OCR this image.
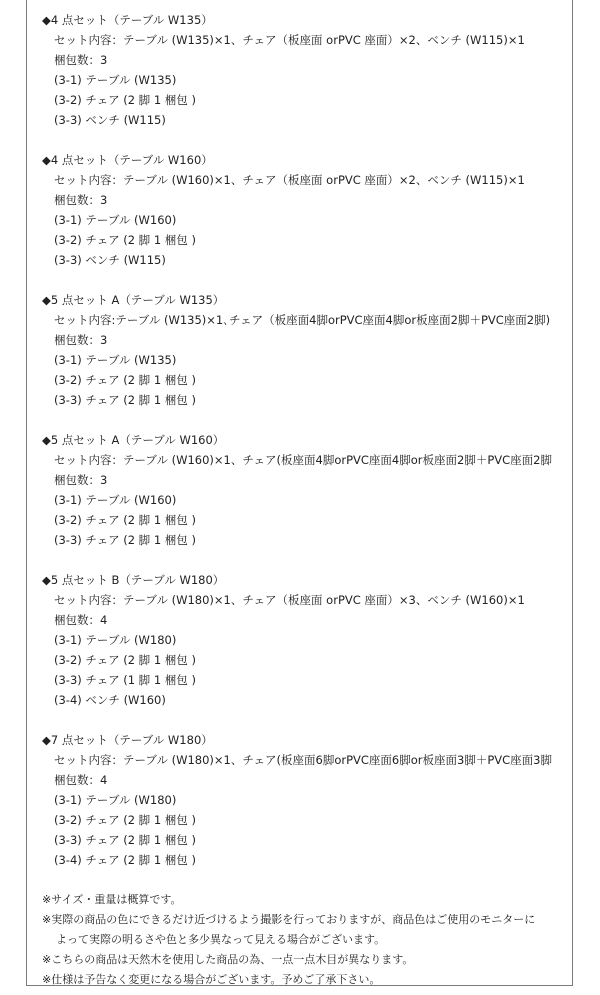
◆4 点セット（テーブル W135）
セット内容：テーブル (W135)×1、チェア（板座面 orPVC 座面）×2、ベンチ (W115)×1
梱包数：3
(3-1) テーブル (W135)
(3-2) チェア (2 脚 1 梱包 )
(3-3) ベンチ (W115)
◆4 点セット（テーブル W160）
セット内容：テーブル (W160)×1、チェア（板座面 orPVC 座面）×2、ベンチ (W115)×1
梱包数：3
(3-1) テーブル (W160)
(3-2) チェア (2 脚 1 梱包 )
(3-3) ベンチ (W115)
◆5 点セット A（テーブル W135）
セット内容:テーブル (W135)×1､チェア（板座面4脚orPVC座面4脚or板座面2脚＋PVC座面2脚)
梱包数：3
(3-1) テーブル (W135)
(3-2) チェア (2 脚 1 梱包 )
(3-3) チェア (2 脚 1 梱包 )
◆5 点セット A（テーブル W160）
セット内容：テーブル (W160)×1、チェア(板座面4脚orPVC座面4脚or板座面2脚＋PVC座面2脚
梱包数：3
(3-1) テーブル (W160)
(3-2) チェア (2 脚 1 梱包 )
(3-3) チェア (2 脚 1 梱包 )
◆5 点セット B（テーブル W180）
セット内容：テーブル (W180)×1、チェア（板座面 orPVC 座面）×3、ベンチ (W160)×1
梱包数：4
(3-1) テーブル (W180)
(3-2) チェア (2 脚 1 梱包 )
(3-3) チェア (1 脚 1 梱包 )
(3-4) ベンチ (W160)
◆7 点セット（テーブル W180）
セット内容：テーブル (W180)×1、チェア(板座面6脚orPVC座面6脚or板座面3脚＋PVC座面3脚
梱包数：4
(3-1) テーブル (W180)
(3-2) チェア (2 脚 1 梱包 )
(3-3) チェア (2 脚 1 梱包 )
(3-4) チェア (2 脚 1 梱包 )
※サイズ・重量は概算です。
※実際の商品の色にできるだけ近づけるよう撮影を行っておりますが、商品色はご使用のモニターに
よって実際の明るさや色と多少異なって見える場合がございます。
※こちらの商品は天然木を使用した商品の為、一点一点木目が異なります。
※仕様は予告なく変更になる場合がございます。予めご了承下さい。
